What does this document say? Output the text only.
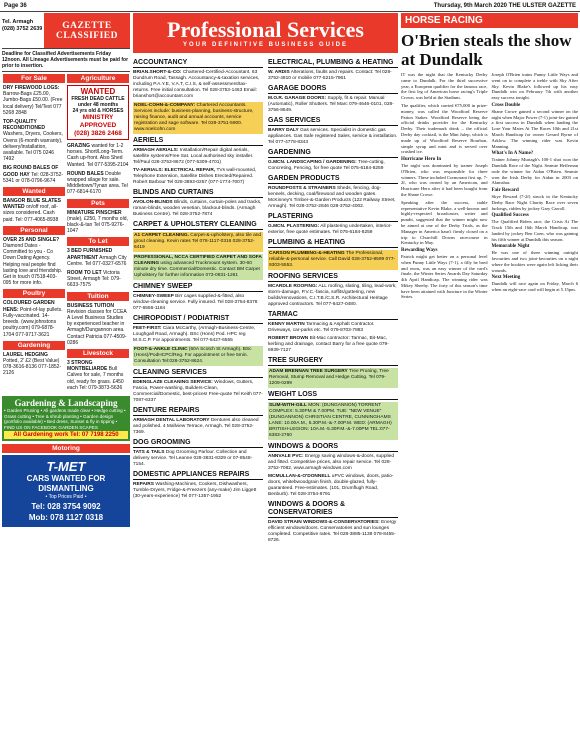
Page 36	Thursday, 9th March 2020 THE ULSTER GAZETTE
Tel. Armagh
(028) 3752 2639 GAZETTE
CLASSIFIED
Deadline for Classified Advertisements Friday 12noon. All Lineage Advertisements must be paid for prior to insertion.
For Sale
DRY FIREWOOD LOGS: Barrow-Bags £25.00, Jumbo-Bags £50.00. (Free local delivery) Tel/Text 077 5268 2848
TOP-QUALITY RECONDITIONED Washers, Dryers, Cookers, Ovens (6-month warranty), delivery/installation, available. Tel 075 0246 7492
BIG ROUND BALES OF GOOD HAY Tel: 028-3752-5341 or 078-0796-9674
Wanted
BANGOR BLUE SLATES WANTED on/off roof, all-sizes considered. Cash paid. Tel: 077-4065-8938
Personal
OVER 25 AND SINGLE? Diamond Dates - Committed to you - Co Down Dating Agency. Helping real people find lasting love and friendship. Get in touch 07518-403-095 for more info.
Poultry
COLOURED GARDEN HENS: Point-of-lay pullets. Fully-vaccinated. 14-breeds. (www.johnstons poultry.com) 079-6878-1704 077-9717-3621
Gardening
LAUREL HEDGING Potted, 2' £2 (Best Value) 078-3616-8136 077-1852-2126
Agriculture
WANTED
FRESH DEAD CATTLE
under 48 months
24 yrs old & HORSES
MINISTRY APPROVED
(028) 3826 2468
GRAZING wanted for 1-2 horses. Short/Long-Term. Cash up-front. Also Shed Wanted. Tel 077-5395-2104
ROUND BALES Double wrapped silage for sale. Middletown/Tynan area. Tel 077-6814-6170
Pets
MINIATURE PINSCHER (male), £250, 7 months old, black-&-tan Tel 075-9276-1047
To Let
3 BED FURNISHED APARTMENT Armagh City Centre. Tel 077-0327-6576
ROOM TO LET Victoria Street, Armagh Tel: 079-6633-7575
Tuition
BUSINESS TUITION Revision classes for CCEA A Level Business Studies by experienced teacher in Armagh/Dungannon area. Contact Patricia 077-4509-0286
Livestock
3 STRONG MONTBELIARDE Bull Calves for sale, 7 months old, ready for grass. £450 each Tel: 079-3873-5636
Gardening & Landscaping
• Garden Pruning • All gardens made clear • Hedge cutting • Grass cutting • Tree & shrub planting • Garden design (portfolio available) • Bed dress, Sunset & fly in tipping • FIND US ON FACEBOOK GARDEN SCAPES
All Gardening work Tel: 07 7198 2250
Motoring
T-MET
CARS WANTED FOR
DISMANTLING
• Top Prices Paid •
Tel: 028 3754 9092
Mob: 078 1127 0318
Professional Services
YOUR DEFINITIVE BUSINESS GUIDE
ACCOUNTANCY
BRIAN.SHORT-&-CO: Chartered-Certified-Accountant. 63 Dundrum Road, Tassagh. Accountancy-&-taxation services, including P.A.Y.E, V.A.T, C.I.S, & self-assessment/tax-returns. Free initial consultation. Tel 028-3753-1463 Email: brianshort@accountant.com
NOEL-COHN-&-COMPANY: Chartered Accountants. Services include: business-planning, business-structure, raising finance, audit and annual accounts, service registration and sage software. Tel 028-3751-5900. www.noelcohn.com
AERIELS
ARMAGH AERIALS: Installation/Repair digital aerials, satellite systems/Free Sat. Local authorised sky installer. Tel/Paul 028-3753-8672 (077-5309-4701)
TV-AERIALS: ELECTRICAL REPAIR, TVs wall-mounted, Telephone Extension, Satellite Dishes Erected/Repaired. Robert Barbour Tel 028-3893-0257 (077-1774-7007)
BLINDS AND CURTAINS
AVOLON-BLINDS Blinds, curtains, curtain-poles and tracks, roman-blinds, wooden venetian, blackout-blinds. (Armagh Business Centre). Tel 028-3752-7874
CARPET & UPHOLSTERY CLEANING
A1 CARPET CLEANING. Carpet-&-upholstery, also tile and grout cleaning. Kevin rates Tel 078-1117-0316 028-3752-6419
PROFESSIONAL, NCCA CERTIFIED CARPET AND SOFA CLEANING using advanced Truckmount system. 30-60 minute dry time. Commercial/Domestic. Contact BM Carpet Upholstery for further information 073-0831-1261
CHIMNEY SWEEP
CHIMNEY-SWEEP Birr cages supplied-&-fitted, also window-cleaning service. Fully insured. Tel 028-3754-8378 077-6556-1184
CHIROPODIST / PODIATRIST
FEET-FIRST: Ciara McCarthy, (Armagh-Business-Centre, Loughgall Road, Armagh). BSc (Hons) Pod. HPC reg M.S.C.P. For appointments. Tel 077-5427-6555
FOOT-&-ANKLE CLINIC (60A Scotch St Armagh). BSc (Hons)/PodHCPC/Reg. For appointment or free 5min. Consultation Tel:028-3752-8624.
CLEANING SERVICES
EDENGLAZE CLEANING SERVICE: Windows, Gutters, Fascia, Power-washing, Builders-Clean, Commercial/Domestic, best-prices! Free-quote Tel Keith 077-7087-6337
DENTURE REPAIRS
ARMAGH DENTAL LABORATORY Dentures also cleaned and polished. 4 Mallview Terrace, Armagh. Tel 028-3752-7369.
DOG GROOMING
TATS & TAILS Dog Grooming Parlour. Collection and delivery service. Tel Leanne 028-3831-8329 or 07-8548-7154.
DOMESTIC APPLIANCES REPAIRS
REPAIRS Washing-Machines, Cookers, Dishwashers, Tumble-Dryers, Fridge-&-Freezers (any-make) Jim Liggett (30-years-experience) Tel 077-1357-1952
ELECTRICAL, PLUMBING & HEATING
W. ARDIS Alterations, faults and repairs. Contact: Tel 028-3752-4810 or mobile 077-5215-7961
GARAGE DOORS
M.O.R. GARAGE DOORS: Supply, fit & repair. Manual (Automatic), Roller Shutters. Tel Marc 079-4646-0101, 028-3756-8649.
GAS SERVICES
BARRY DALY Gas services. Specialist in domestic gas appliances. Gas Safe registered Sales, service & installation. Tel 077-4778-8343
GARDENING
G.MCN. LANDSCAPING / GARDENING: Tree-cutting, Concreting, Fencing, for free quote Tel 075-6184-8259
GARDEN PRODUCTS
ROUNDPOSTS & STRAINERS Sheds, fencing, dog-kennels, decking, coal/firewood and wooden gates. McKinney's Timber-&-Garden Products (122 Railway Street, Armagh). Tel 028-3752-2846 028-3752-4002.
PLASTERING
G.MCN. PLASTERING: All plastering undertaken, interior-exterior, free quote estimates. Tel 075-6184-8259
PLUMBING & HEATING
CARSON PLUMBING-&-HEATING The Professional, reliable-&-personal service. Call David 028-3752-8599 077-9303-5553.
ROOFING SERVICES
MCARDLE ROOFING: ALL roofing, slating, tiling, lead-work, storm-damage, P.V.C.-fascia, soffits/guttering, new builds/renovations, C.I.T.B./C.S.R. Architectural Heritage approved contractors. Tel 077-6427-0480.
TARMAC
KENNY MARTIN Tarmacing & Asphalt Contractor. Driveways, car-parks etc. Tel 079-8703-7883
ROBERT BROWN Bit-Mac contractor: Tarmac, Bit-Mac, kerbing and drainage, contact Barry for a free quote 079-6939-7127
TREE SURGERY
ADAM BRENNAN TREE SURGERY Tree Pruning, Tree Removal, Stump Removal and Hedge Cutting. Tel 079-1209-0299
WEIGHT LOSS
SLIM-WITH-GILL MON: (DUNGANNON) TORRENT COMPLEX: 5.30PM & 7.00PM. TUE: "NEW VENUE" (DUNGANNON) CHRISTIAN CENTRE, CUNNINGHAMS LANE: 10.00A.M., 5.30P.M.-&-7.00P.M. WED: (ARMAGH) BRITISH-LEGION: 10A.M.-5.30P.M.-&-7.00PM TEL:077-6383-2760
WINDOWS & DOORS
ANNVALE PVC: Energy saving windows-&-doors, supplied and fitted. Competitive prices, also repair service. Tel 028-3752-7082, www.armagh-windows.com
MCMULLAN-&-O'DONNELL uPVC windows, doors, patio-doors, whitebwoodgrain finish, double-glazed, fully-guaranteed. Free-estimates. (101, Drumflugh Road, Benburb). Tel 028-3754-8791
WINDOWS & DOORS & CONSERVATORIES
DAVID STRAIN WINDOWS-&-CONSERVATORIES: Energy efficient windows/doors. Conservatories and sun lounges completed. Competitive rates. Tel 028-3885-1138 078-8455-8726.
HORSE RACING
O'Brien steals the show at Dundalk

IT was the night that the Kentucky Derby came to Dundalk. For the third successive year, a European qualifier for the famous race, the first leg of American horse racing's Triple Crown, was held at the Stadium.

The qualifier, which carried €75,000 in prize-money, was called the Woodford Reserve Patton Stakes. Woodford Reserve being the official drinks provider for the Kentucky Derby. Their trademark drink – the official Derby day cocktail, is the Mint Julep, which is made up of Woodford Reserve Bourbon, simple syrup and mint and is served over crushed ice.

Hurricane Hero In
The night was dominated by trainer Joseph O'Brien, who was responsible for three winners. These included Cormorant first up, 7-2f, who was owned by an American, and Hurricane Hero after it had been bought from the Shane Crowe.

Speaking after the success, stable representative Kevin Blake, a well-known and highly-respected broadcaster, writer and pundit, suggested that the winner might now be aimed at one of the Derby Trials, as the Manager in America hasn't firmly closed on a trip to Churchill Downs racecourse in Kentucky in May.

Rewarding Ways
Patrick might get better on a personal level when Punny Little Ways (7-1), a filly he bred and owns, was an easy winner of the card's finale, the Winter Series Awards Day Saturday 4th April Handicap. The winning rider was Mikey Sheehy. The forty of this season's time have been attained with Juncture in the Winter Series.

Joseph O'Brien trains Punny Little Ways and went on to complete a treble with Sky After Sky. Kevin Blake's followed up his easy Dundalk win on February 7th with another easy success tonight.

Cross Double
Shane Crowe gained a second winner on the night when Major Power (7-1) joint-fav gained a first success in Dundalk when landing the Lose Your Mates At The Races 10th and 21st March Handicap for owner Gerard Byrne of Arklow. The winning rider was Kevin Manning.

What's In A Name?
Trainer Johnny Murtagh's 100-1 shot won the Dundalk Race of the Night. Seamie Heffernan rode the winner for Aidan O'Brien. Seamie won the Irish Derby for Aidan in 2003 on Alamshar.

Fair Reward
Skye Reward (7-2f) struck in the Kentucky Derby Race Night Charity Race over seven furlongs, ridden by jockey Gary Carroll.

Qualified Success
The Qualified Riders race, the Crisis At The Track 15th and 16th March Handicap, was landed by jockey Ben Coen, who was gaining his fifth winner at Dundalk this season.

Memorable Night
He was one of three winning outright favourites and two joint-favourites on a night where the bookies were again left licking their wounds.

Next Meeting
Dundalk will race again on Friday, March 6 when an eight-race card will begin at 5.15pm.
